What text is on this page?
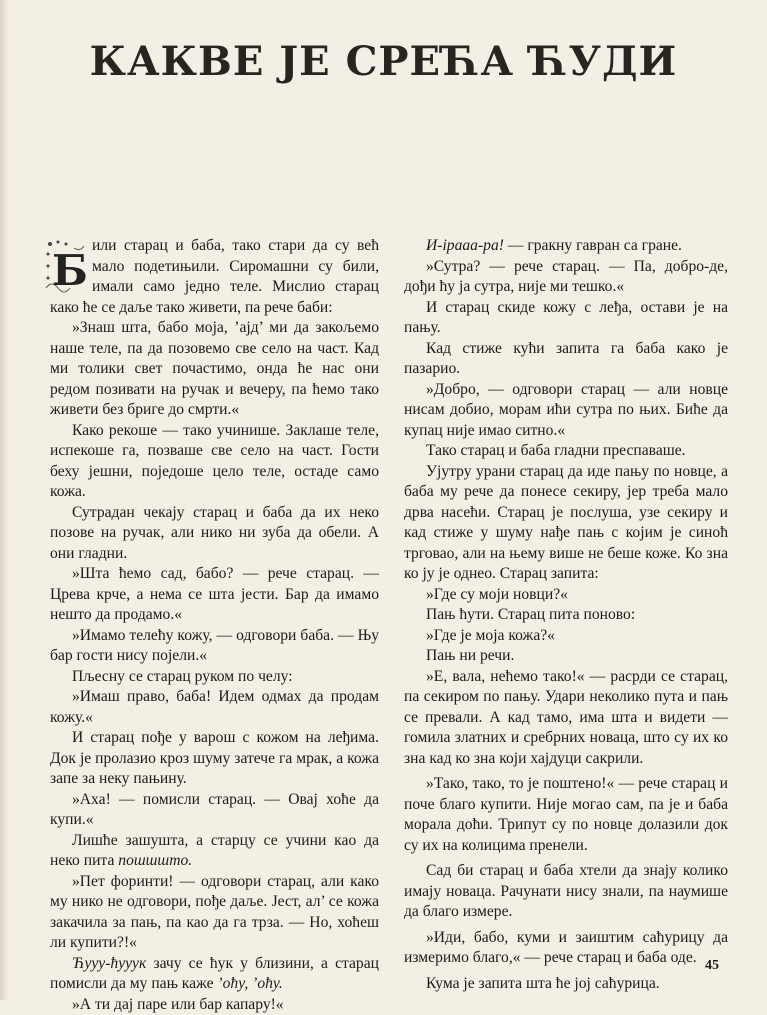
КАКВЕ ЈЕ СРЕЋА ЋУДИ

Б
или старац и баба, тако стари да су већ мало подетињили. Сиромашни су били, имали само једно теле. Мислио старац како ће се даље тако живети, па рече баби:

»Знаш шта, бабо моја, ’ајд’ ми да закољемо наше теле, па да позовемо све село на част. Кад ми толики свет почастимо, онда ће нас они редом позивати на ручак и вечеру, па ћемо тако живети без бриге до смрти.«

Како рекоше — тако учинише. Заклаше теле, испекоше га, позваше све село на част. Гости беху јешни, поједоше цело теле, остаде само кожа.

Сутрадан чекају старац и баба да их неко позове на ручак, али нико ни зуба да обели. А они гладни.

»Шта ћемо сад, бабо? — рече старац. — Црева крче, а нема се шта јести. Бар да имамо нешто да продамо.«

»Имамо телећу кожу, — одговори баба. — Њу бар гости нису појели.«

Пљесну се старац руком по челу:

»Имаш право, баба! Идем одмах да продам кожу.«

И старац пође у варош с кожом на леђима. Док је пролазио кроз шуму затече га мрак, а кожа запе за неку пањину.

»Аха! — помисли старац. — Овај хоће да купи.«

Лишће зашушта, а старцу се учини као да неко пита пошшшто.

»Пет форинти! — одговори старац, али како му нико не одговори, пође даље. Јест, ал’ се кожа закачила за пањ, па као да га трза. — Но, хоћеш ли купити?!«

Ћууу-ћууук зачу се ћук у близини, а старац помисли да му пањ каже ’оћу, ’оћу.

»А ти дај паре или бар капару!«

И-ірааа-ра! — гракну гавран са гране.

»Сутра? — рече старац. — Па, добро-де, дођи ћу ја сутра, није ми тешко.«

И старац скиде кожу с леђа, остави је на пању.

Кад стиже кући запита га баба како је пазарио.

»Добро, — одговори старац — али новце нисам добио, морам ићи сутра по њих. Биће да купац није имао ситно.«

Тако старац и баба гладни преспаваше.

Ујутру урани старац да иде пању по новце, а баба му рече да понесе секиру, јер треба мало дрва насећи. Старац је послуша, узе секиру и кад стиже у шуму нађе пањ с којим је синоћ трговао, али на њему више не беше коже. Ко зна ко ју је однео. Старац запита:

»Где су моји новци?«

Пањ ћути. Старац пита поново:

»Где је моја кожа?«

Пањ ни речи.

»Е, вала, нећемо тако!« — расрди се старац, па секиром по пању. Удари неколико пута и пањ се превали. А кад тамо, има шта и видети — гомила златних и сребрних новаца, што су их ко зна кад ко зна који хајдуци сакрили.

»Тако, тако, то је поштено!« — рече старац и поче благо купити. Није могао сам, па је и баба морала доћи. Трипут су по новце долазили док су их на колицима пренели.

Сад би старац и баба хтели да знају колико имају новаца. Рачунати нису знали, па наумише да благо измере.

»Иди, бабо, куми и заиштим саћурицу да измеримо благо,« — рече старац и баба оде.

Кума је запита шта ће јој саћурица.

45
